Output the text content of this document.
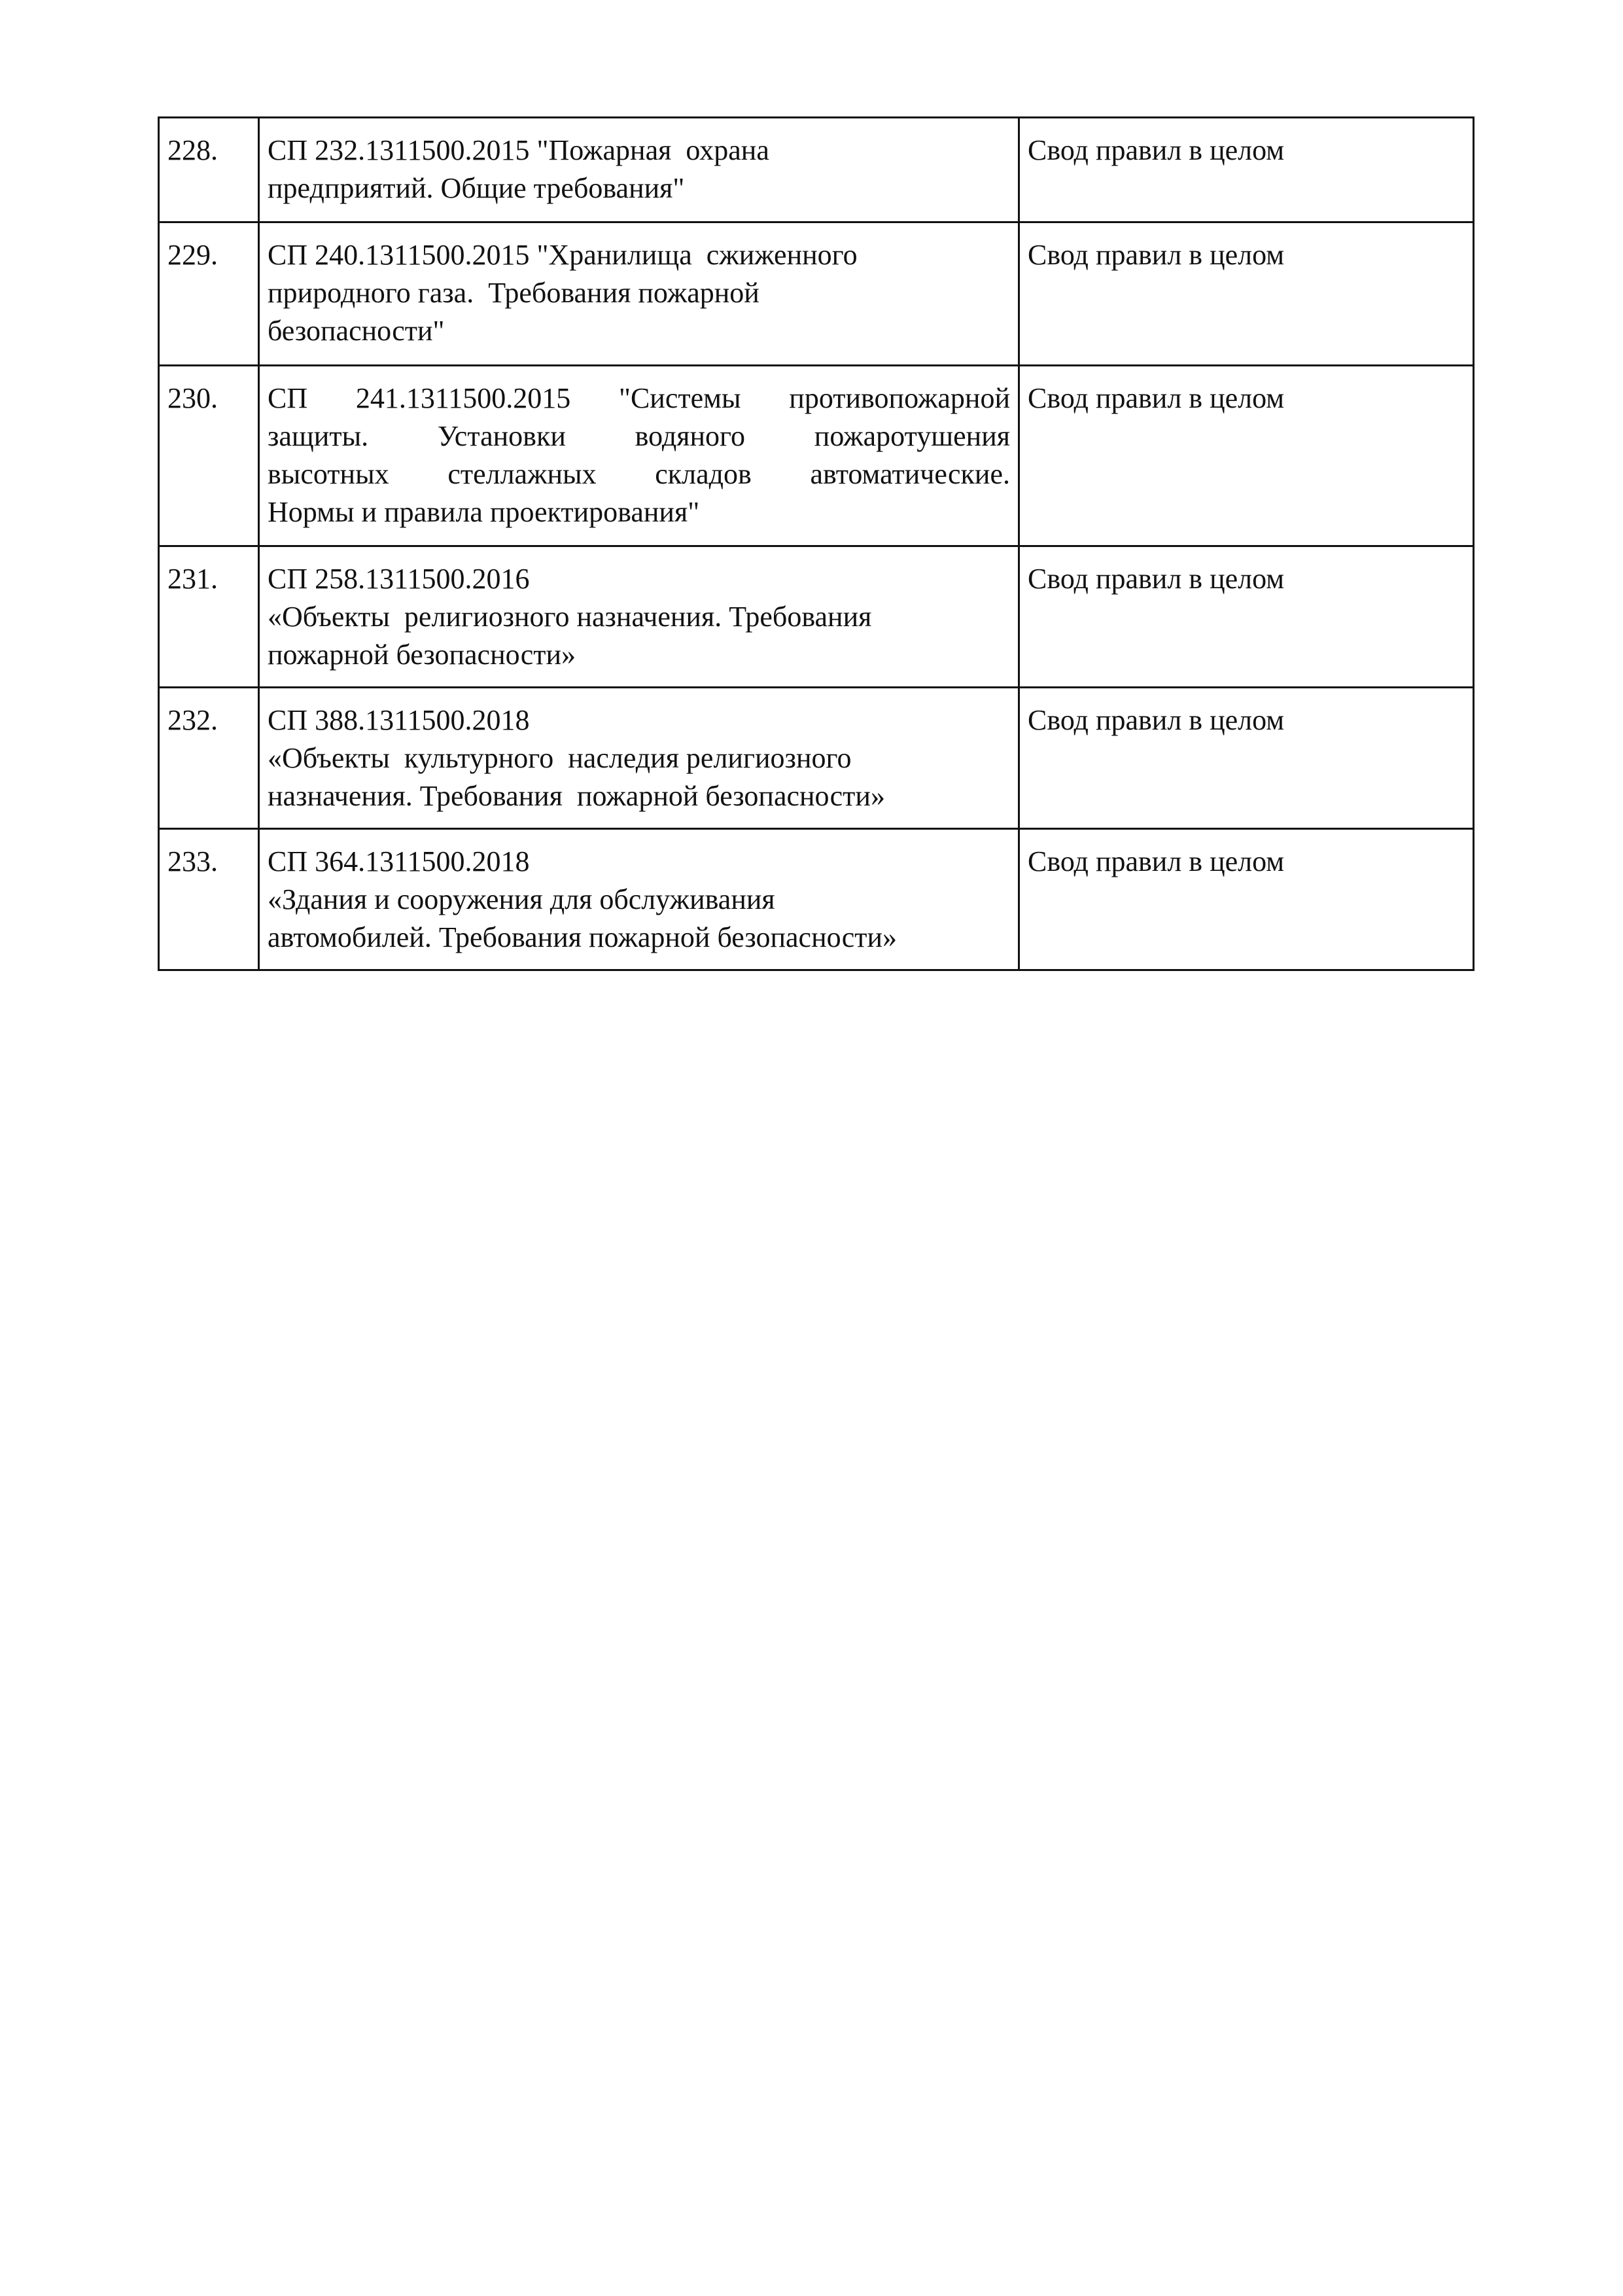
228.	СП 232.1311500.2015 "Пожарная  охрана
предприятий. Общие требования"	Свод правил в целом
229.	СП 240.1311500.2015 "Хранилища  сжиженного
природного газа.  Требования пожарной
безопасности"	Свод правил в целом
230.	СП 241.1311500.2015 "Системы противопожарной
защиты. Установки водяного пожаротушения
высотных стеллажных складов автоматические.
Нормы и правила проектирования"	Свод правил в целом
231.	СП 258.1311500.2016
«Объекты  религиозного назначения. Требования
пожарной безопасности»	Свод правил в целом
232.	СП 388.1311500.2018
«Объекты  культурного  наследия религиозного
назначения. Требования  пожарной безопасности»	Свод правил в целом
233.	СП 364.1311500.2018
«Здания и сооружения для обслуживания
автомобилей. Требования пожарной безопасности»	Свод правил в целом
